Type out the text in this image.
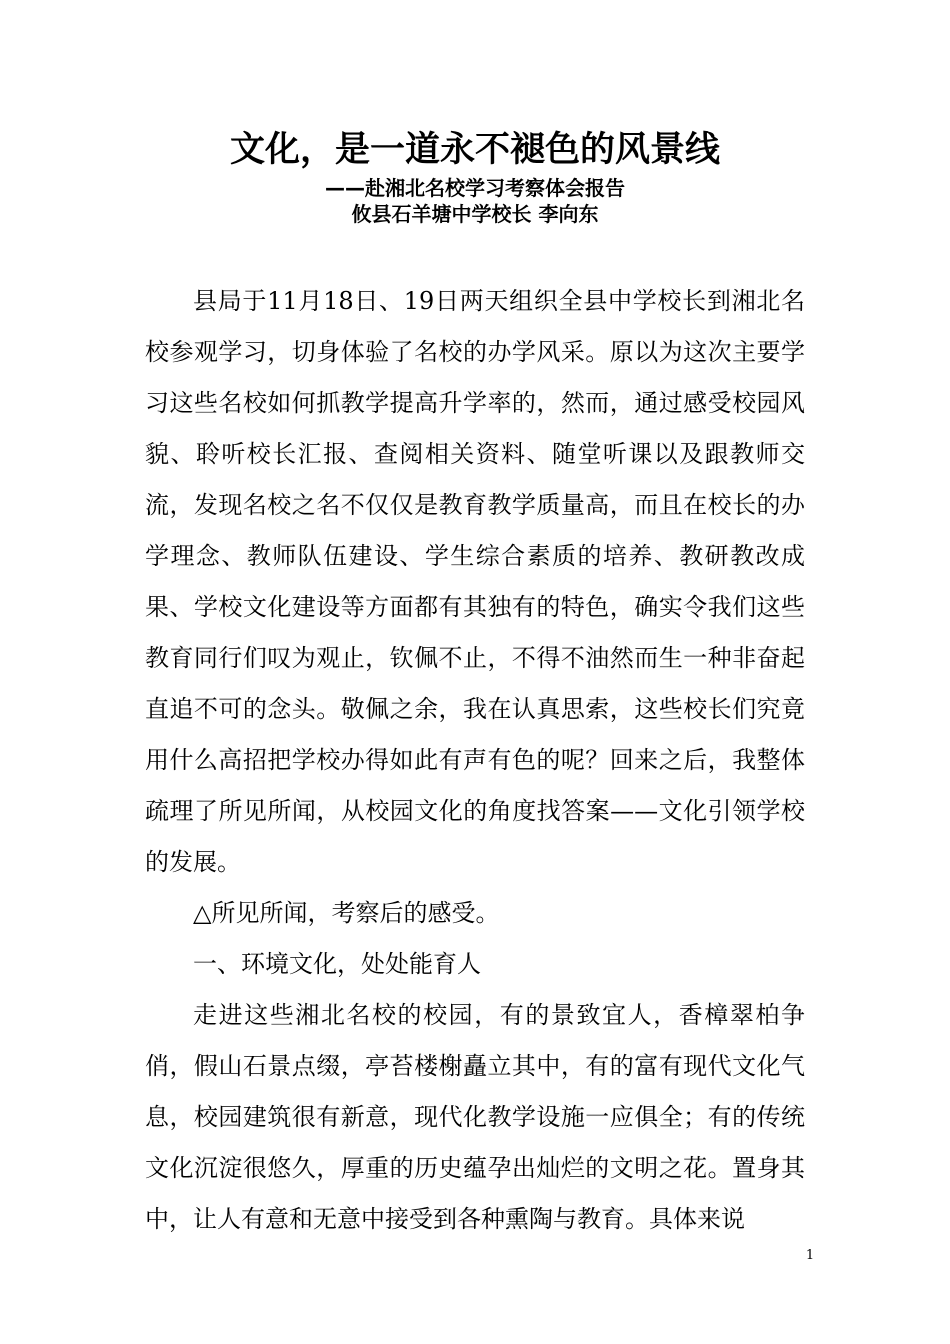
文化，是一道永不褪色的风景线
——赴湘北名校学习考察体会报告
攸县石羊塘中学校长 李向东

县局于11月18日、19日两天组织全县中学校长到湘北名校参观学习，切身体验了名校的办学风采。原以为这次主要学习这些名校如何抓教学提高升学率的，然而，通过感受校园风貌、聆听校长汇报、查阅相关资料、随堂听课以及跟教师交流，发现名校之名不仅仅是教育教学质量高，而且在校长的办学理念、教师队伍建设、学生综合素质的培养、教研教改成果、学校文化建设等方面都有其独有的特色，确实令我们这些教育同行们叹为观止，钦佩不止，不得不油然而生一种非奋起直追不可的念头。敬佩之余，我在认真思索，这些校长们究竟用什么高招把学校办得如此有声有色的呢？回来之后，我整体疏理了所见所闻，从校园文化的角度找答案——文化引领学校的发展。

△所见所闻，考察后的感受。

一、环境文化，处处能育人

走进这些湘北名校的校园，有的景致宜人，香樟翠柏争俏，假山石景点缀，亭苔楼榭矗立其中，有的富有现代文化气息，校园建筑很有新意，现代化教学设施一应俱全；有的传统文化沉淀很悠久，厚重的历史蕴孕出灿烂的文明之花。置身其中，让人有意和无意中接受到各种熏陶与教育。具体来说

1
